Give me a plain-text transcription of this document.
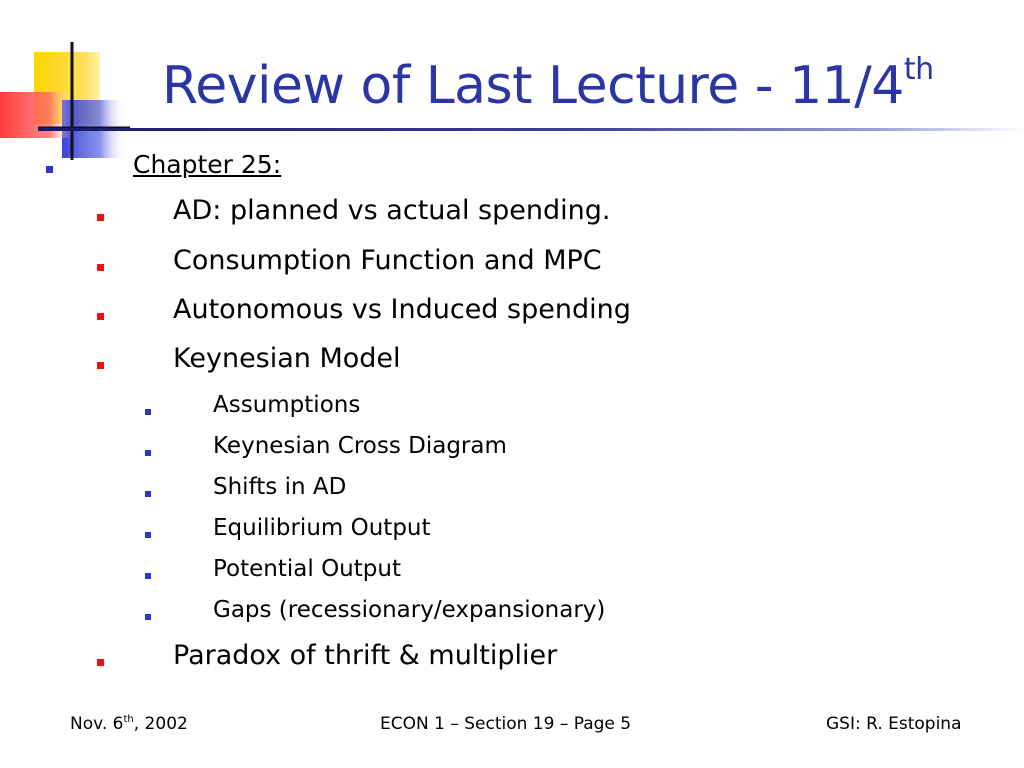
Review of Last Lecture - 11/4th
Chapter 25:
AD: planned vs actual spending.
Consumption Function and MPC
Autonomous vs Induced spending
Keynesian Model
Assumptions
Keynesian Cross Diagram
Shifts in AD
Equilibrium Output
Potential Output
Gaps (recessionary/expansionary)
Paradox of thrift & multiplier
Nov. 6th, 2002	ECON 1 – Section 19 – Page 5	GSI: R. Estopina
